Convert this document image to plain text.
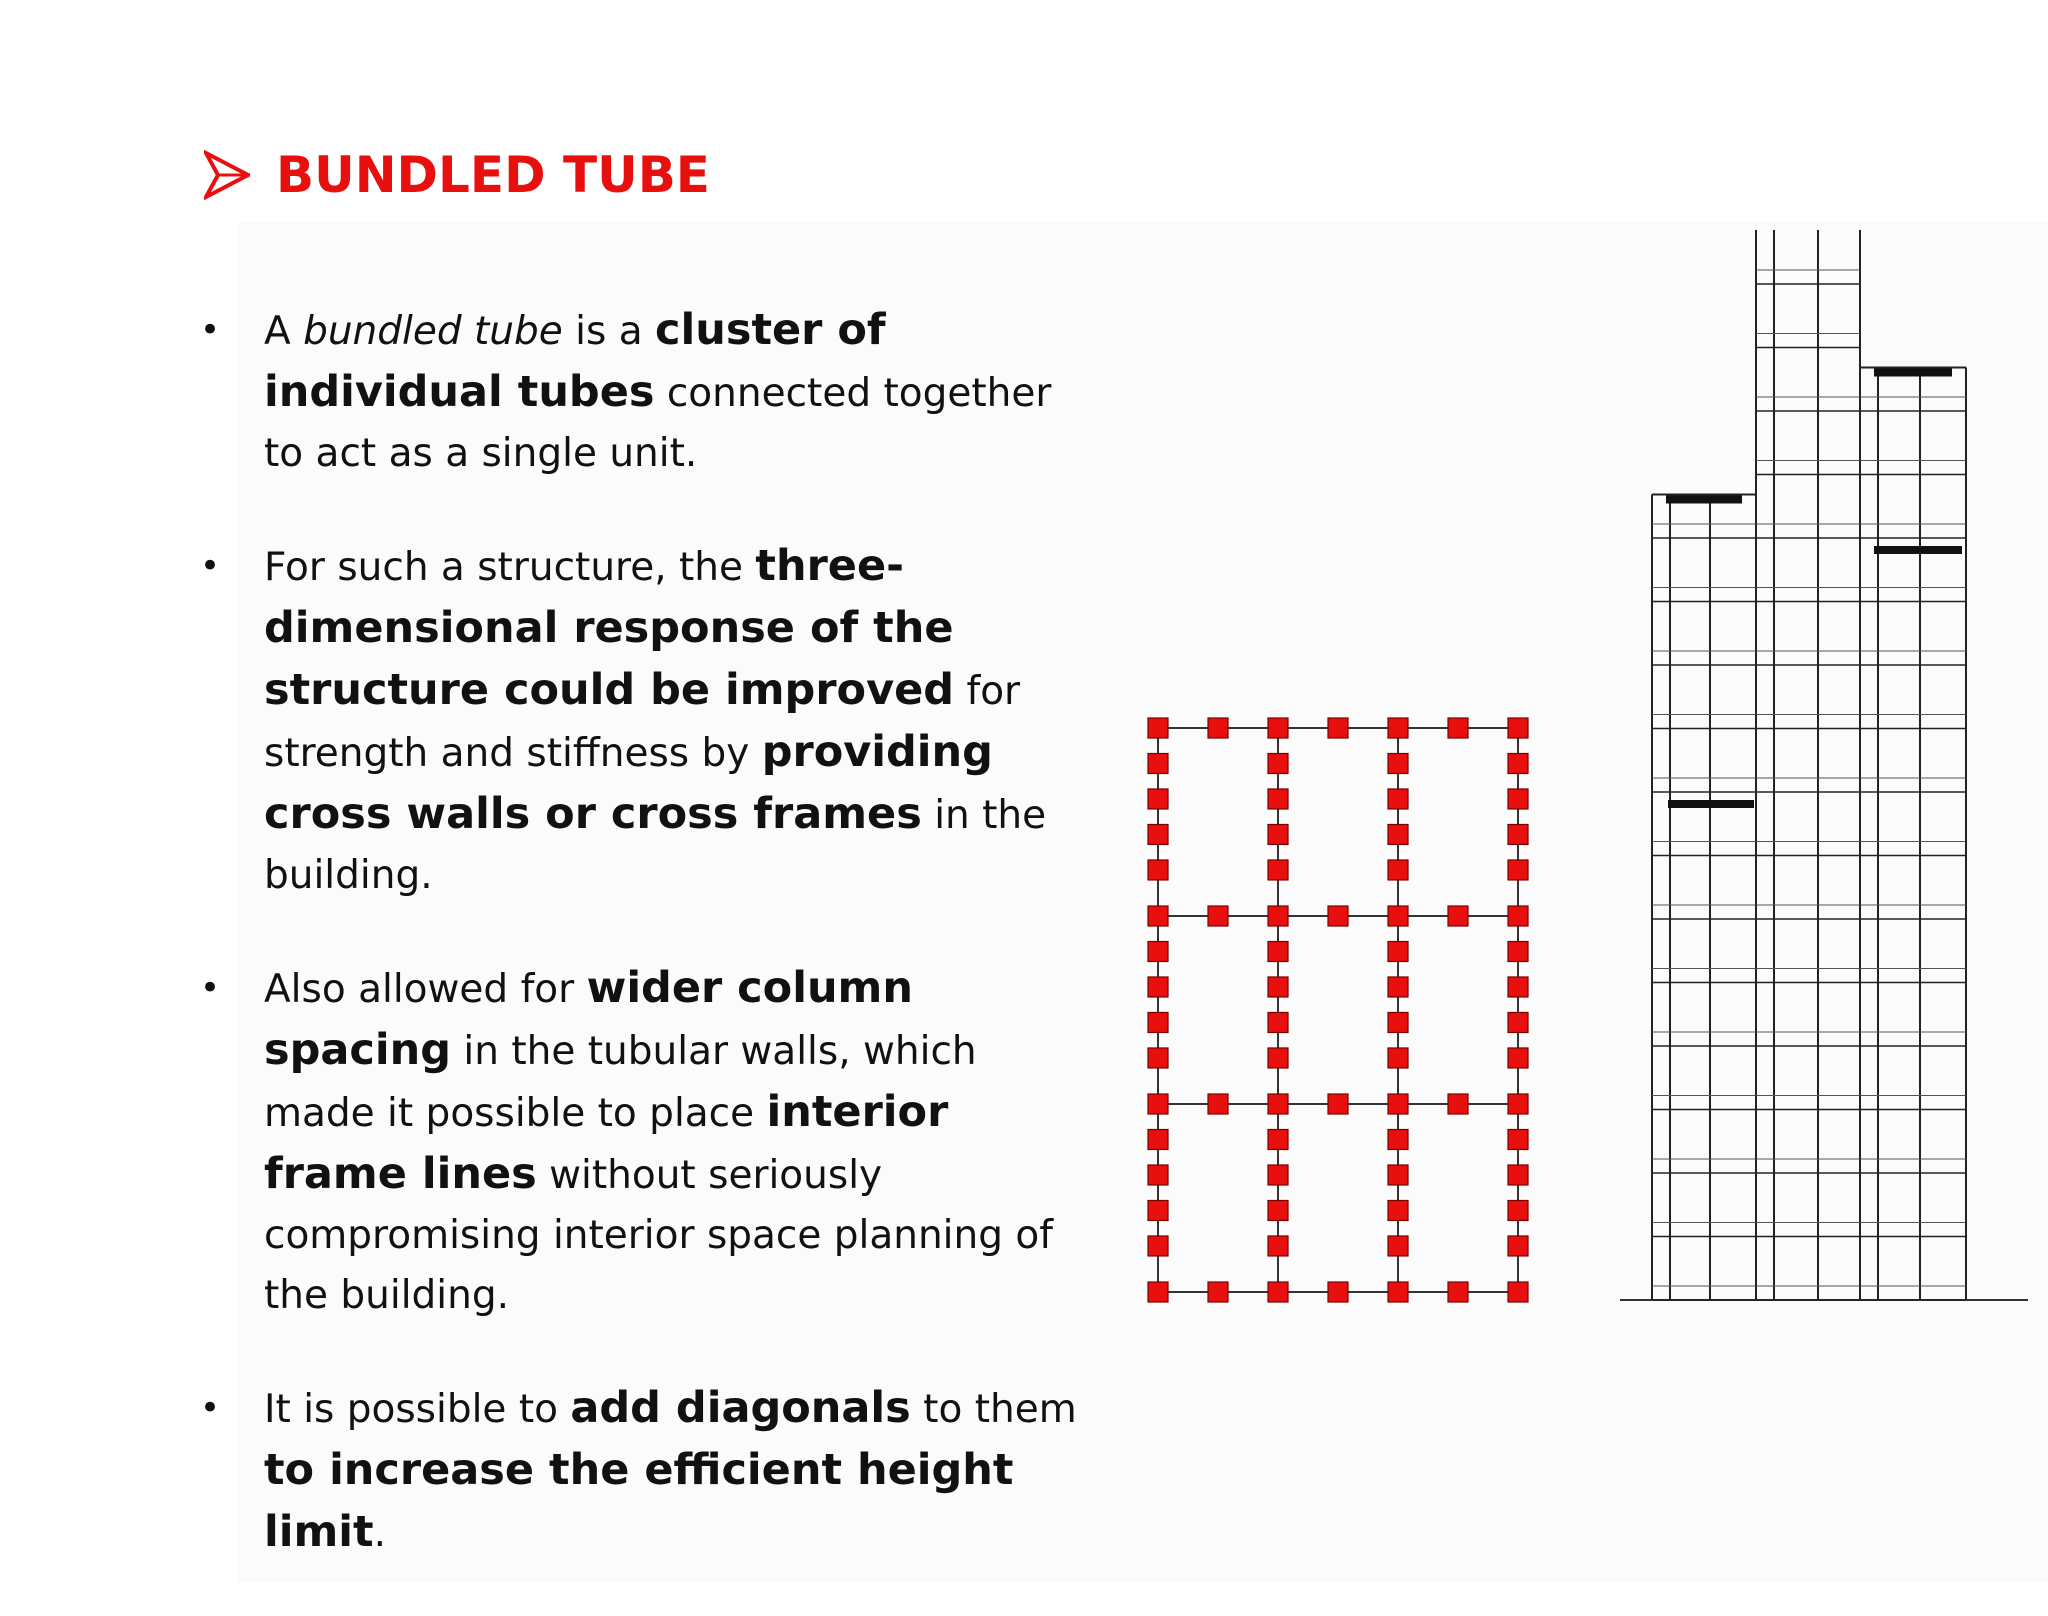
BUNDLED TUBE
• A bundled tube is a cluster of individual tubes connected together to act as a single unit.
• For such a structure, the three-dimensional response of the structure could be improved for strength and stiffness by providing cross walls or cross frames in the building.
• Also allowed for wider column spacing in the tubular walls, which made it possible to place interior frame lines without seriously compromising interior space planning of the building.
• It is possible to add diagonals to them to increase the efficient height limit.
